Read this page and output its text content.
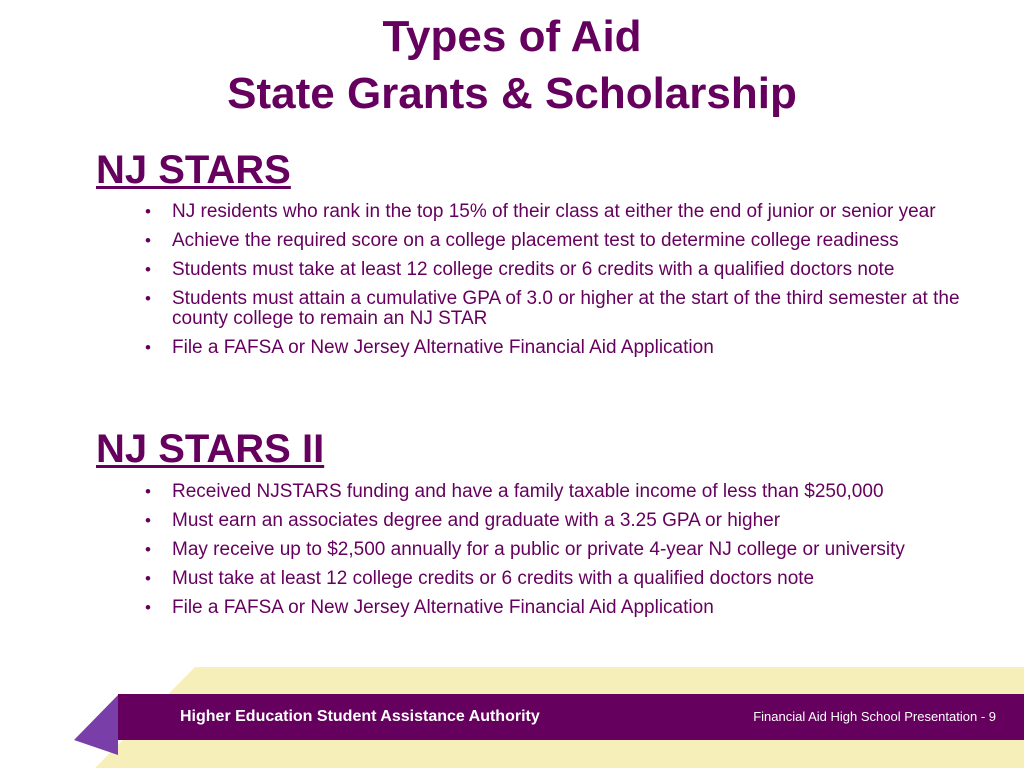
Types of Aid
State Grants & Scholarship
NJ STARS
• NJ residents who rank in the top 15% of their class at either the end of junior or senior year
• Achieve the required score on a college placement test to determine college readiness
• Students must take at least 12 college credits or 6 credits with a qualified doctors note
• Students must attain a cumulative GPA of 3.0 or higher at the start of the third semester at the county college to remain an NJ STAR
• File a FAFSA or New Jersey Alternative Financial Aid Application
NJ STARS II
• Received NJSTARS funding and have a family taxable income of less than $250,000
• Must earn an associates degree and graduate with a 3.25 GPA or higher
• May receive up to $2,500 annually for a public or private 4-year NJ college or university
• Must take at least 12 college credits or 6 credits with a qualified doctors note
• File a FAFSA or New Jersey Alternative Financial Aid Application
Higher Education Student Assistance Authority	Financial Aid High School Presentation - 9
